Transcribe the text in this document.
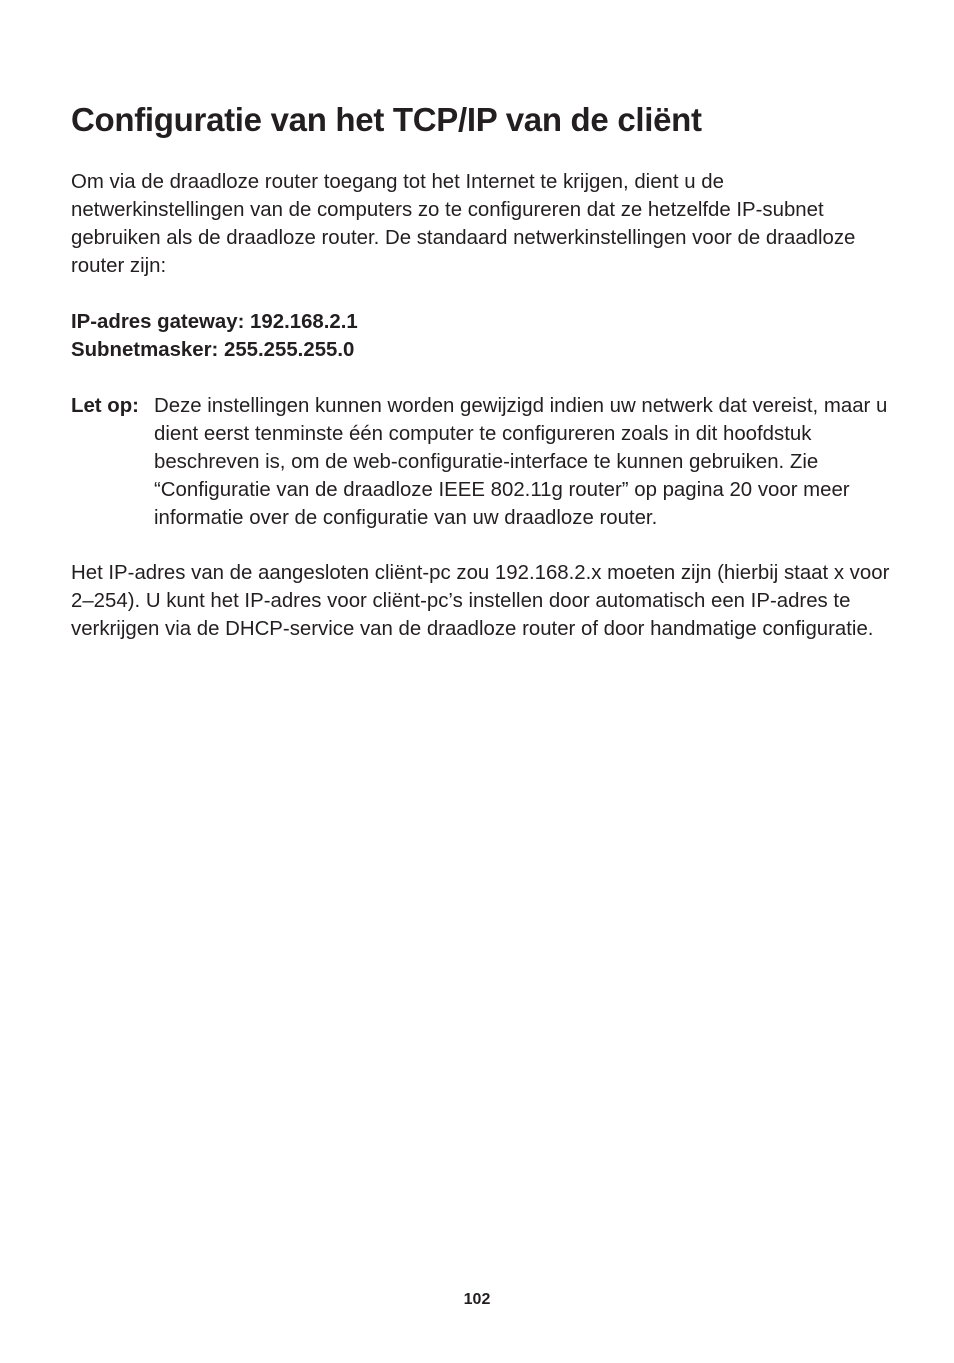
Configuratie van het TCP/IP van de cliënt

Om via de draadloze router toegang tot het Internet te krijgen, dient u de netwerkinstellingen van de computers zo te configureren dat ze hetzelfde IP-subnet gebruiken als de draadloze router. De standaard netwerkinstellingen voor de draadloze router zijn:

IP-adres gateway: 192.168.2.1
Subnetmasker: 255.255.255.0
Let op: Deze instellingen kunnen worden gewijzigd indien uw netwerk dat vereist, maar u dient eerst tenminste één computer te configureren zoals in dit hoofdstuk beschreven is, om de web-configuratie-interface te kunnen gebruiken. Zie “Configuratie van de draadloze IEEE 802.11g router” op pagina 20 voor meer informatie over de configuratie van uw draadloze router.

Het IP-adres van de aangesloten cliënt-pc zou 192.168.2.x moeten zijn (hierbij staat x voor 2–254). U kunt het IP-adres voor cliënt-pc’s instellen door automatisch een IP-adres te verkrijgen via de DHCP-service van de draadloze router of door handmatige configuratie.

102
